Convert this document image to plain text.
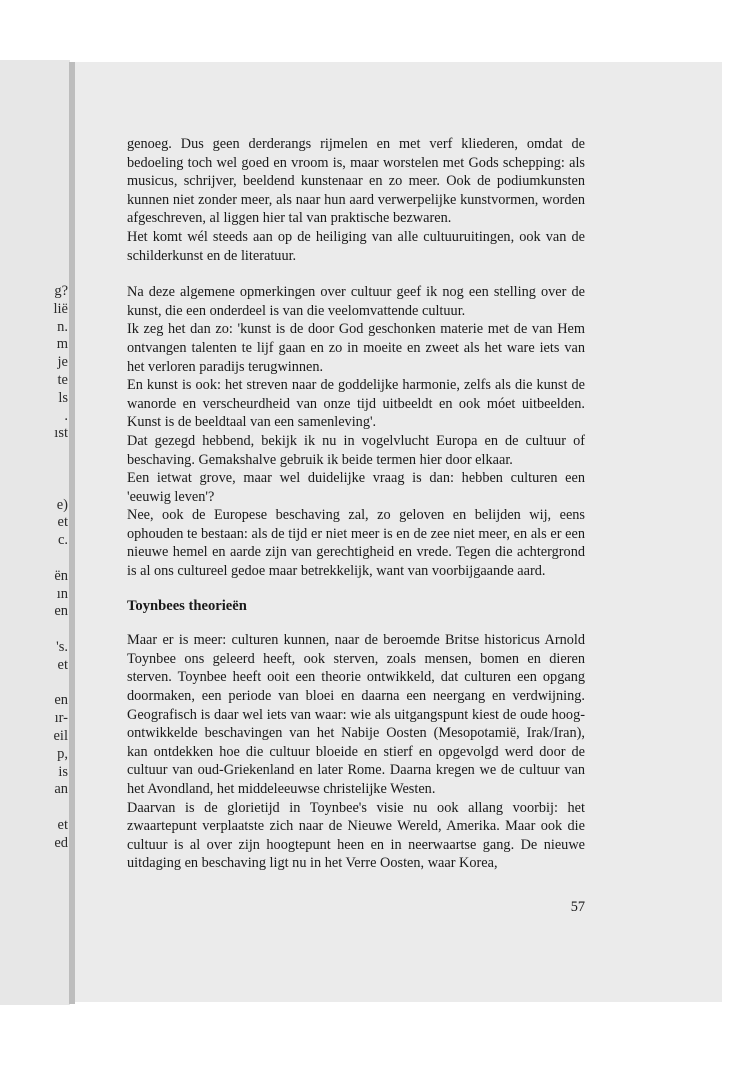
g?
liё
n.
m
je
te
ls
.
ıst
e)
et
c.
ën
ın
en
's.
et
en
ır-
eil
p,
is
an
et
ed

genoeg. Dus geen derderangs rijmelen en met verf kliederen, omdat de bedoeling toch wel goed en vroom is, maar worstelen met Gods schepping: als musicus, schrijver, beeldend kunstenaar en zo meer. Ook de podiumkunsten kunnen niet zonder meer, als naar hun aard verwerpelijke kunstvormen, worden afgeschreven, al liggen hier tal van praktische bezwaren.

Het komt wél steeds aan op de heiliging van alle cultuuruitingen, ook van de schilderkunst en de literatuur.

Na deze algemene opmerkingen over cultuur geef ik nog een stelling over de kunst, die een onderdeel is van die veelomvattende cultuur.

Ik zeg het dan zo: 'kunst is de door God geschonken materie met de van Hem ontvangen talenten te lijf gaan en zo in moeite en zweet als het ware iets van het verloren paradijs terugwinnen.

En kunst is ook: het streven naar de goddelijke harmonie, zelfs als die kunst de wanorde en verscheurdheid van onze tijd uitbeeldt en ook móet uitbeelden. Kunst is de beeldtaal van een samenleving'.

Dat gezegd hebbend, bekijk ik nu in vogelvlucht Europa en de cultuur of beschaving. Gemakshalve gebruik ik beide termen hier door elkaar.

Een ietwat grove, maar wel duidelijke vraag is dan: hebben culturen een 'eeuwig leven'?

Nee, ook de Europese beschaving zal, zo geloven en belijden wij, eens ophouden te bestaan: als de tijd er niet meer is en de zee niet meer, en als er een nieuwe hemel en aarde zijn van gerechtigheid en vrede. Tegen die achtergrond is al ons cultureel gedoe maar betrekkelijk, want van voorbijgaande aard.

Toynbees theorieën

Maar er is meer: culturen kunnen, naar de beroemde Britse historicus Arnold Toynbee ons geleerd heeft, ook sterven, zoals mensen, bomen en dieren sterven. Toynbee heeft ooit een theorie ontwikkeld, dat culturen een opgang doormaken, een periode van bloei en daarna een neergang en verdwijning. Geografisch is daar wel iets van waar: wie als uitgangspunt kiest de oude hoog-ontwikkelde beschavingen van het Nabije Oosten (Mesopotamië, Irak/Iran), kan ontdekken hoe die cultuur bloeide en stierf en opgevolgd werd door de cultuur van oud-Griekenland en later Rome. Daarna kregen we de cultuur van het Avondland, het middeleeuwse christelijke Westen.

Daarvan is de glorietijd in Toynbee's visie nu ook allang voorbij: het zwaartepunt verplaatste zich naar de Nieuwe Wereld, Amerika. Maar ook die cultuur is al over zijn hoogtepunt heen en in neerwaartse gang. De nieuwe uitdaging en beschaving ligt nu in het Verre Oosten, waar Korea,

57
